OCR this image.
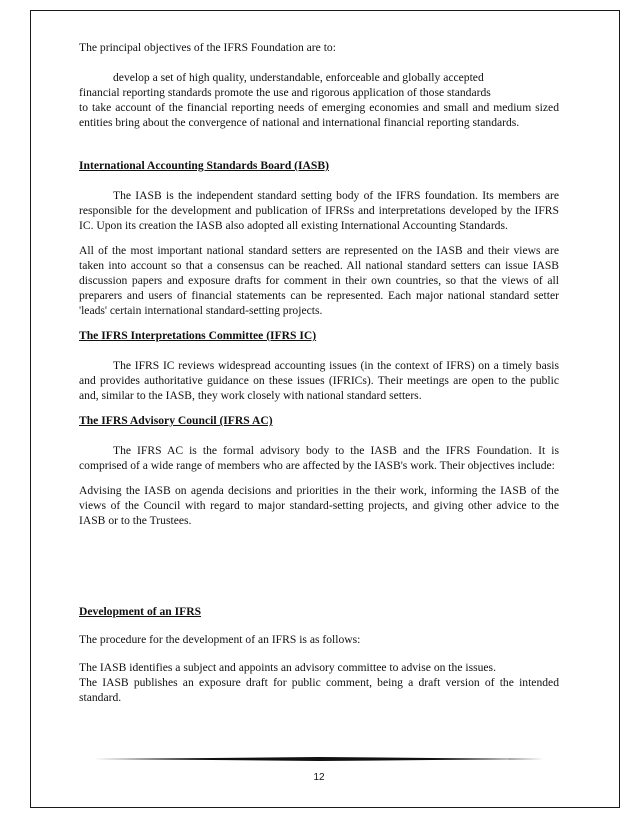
The principal objectives of the IFRS Foundation are to:

develop a set of high quality, understandable, enforceable and globally accepted

financial reporting standards promote the use and rigorous application of those standards

to take account of the financial reporting needs of emerging economies and small and medium sized entities bring about the convergence of national and international financial reporting standards.

International Accounting Standards Board (IASB)

The IASB is the independent standard setting body of the IFRS foundation. Its members are responsible for the development and publication of IFRSs and interpretations developed by the IFRS IC. Upon its creation the IASB also adopted all existing International Accounting Standards.

All of the most important national standard setters are represented on the IASB and their views are taken into account so that a consensus can be reached. All national standard setters can issue IASB discussion papers and exposure drafts for comment in their own countries, so that the views of all preparers and users of financial statements can be represented. Each major national standard setter 'leads' certain international standard-setting projects.

The IFRS Interpretations Committee (IFRS IC)

The IFRS IC reviews widespread accounting issues (in the context of IFRS) on a timely basis and provides authoritative guidance on these issues (IFRICs). Their meetings are open to the public and, similar to the IASB, they work closely with national standard setters.

The IFRS Advisory Council (IFRS AC)

The IFRS AC is the formal advisory body to the IASB and the IFRS Foundation. It is comprised of a wide range of members who are affected by the IASB's work. Their objectives include:

Advising the IASB on agenda decisions and priorities in the their work, informing the IASB of the views of the Council with regard to major standard-setting projects, and giving other advice to the IASB or to the Trustees.

Development of an IFRS

The procedure for the development of an IFRS is as follows:

The IASB identifies a subject and appoints an advisory committee to advise on the issues.

The IASB publishes an exposure draft for public comment, being a draft version of the intended standard.

12
